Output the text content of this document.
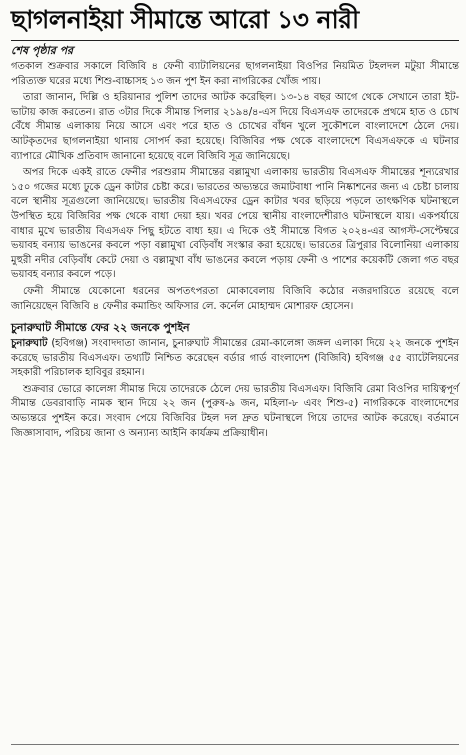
ছাগলনাইয়া সীমান্তে আরো ১৩ নারী
শেষ পৃষ্ঠার পর

গতকাল শুক্রবার সকালে বিজিবি ৪ ফেনী ব্যাটালিয়নের ছাগলনাইয়া বিওপির নিয়মিত টহলদল মটুয়া সীমান্তে পরিত্যক্ত ঘরের মধ্যে শিশু-বাচ্চাসহ ১৩ জন পুশ ইন করা নাগরিকের খোঁজ পায়।

তারা জানান, দিল্লি ও হরিয়ানার পুলিশ তাদের আটক করেছিল। ১৩-১৪ বছর আগে থেকে সেখানে তারা ইট-ভাটায় কাজ করতেন। রাত ৩টার দিকে সীমান্ত পিলার ২১৯৪/৪-এস দিয়ে বিএসএফ তাদেরকে প্রথমে হাত ও চোখ বেঁধে সীমান্ত এলাকায় নিয়ে আসে এবং পরে হাত ও চোখের বাঁধন খুলে সুকৌশলে বাংলাদেশে ঠেলে দেয়। আটকৃতদের ছাগলনাইয়া থানায় সোপর্দ করা হয়েছে। বিজিবির পক্ষ থেকে বাংলাদেশে বিএসএফকে এ ঘটনার ব্যাপারে মৌখিক প্রতিবাদ জানানো হয়েছে বলে বিজিবি সূত্র জানিয়েছে।

অপর দিকে একই রাতে ফেনীর পরশুরাম সীমান্তের বল্লামুখা এলাকায় ভারতীয় বিএসএফ সীমান্তের শূন্যরেখার ১৫০ গজের মধ্যে ঢুকে ড্রেন কাটার চেষ্টা করে। ভারতের অভ্যন্তরে জমাটবাধা পানি নিষ্কাশনের জন্য এ চেষ্টা চালায় বলে স্থানীয় সূত্রগুলো জানিয়েছে। ভারতীয় বিএসএফের ড্রেন কাটার খবর ছড়িয়ে পড়লে তাৎক্ষণিক ঘটনাস্থলে উপস্থিত হয়ে বিজিবির পক্ষ থেকে বাধা দেয়া হয়। খবর পেয়ে স্থানীয় বাংলাদেশীরাও ঘটনাস্থলে যায়। একপর্যায়ে বাধার মুখে ভারতীয় বিএসএফ পিছু হটতে বাধ্য হয়। এ দিকে ওই সীমান্তে বিগত ২০২৪-এর আগস্ট-সেপ্টেম্বরে ভয়াবহ বন্যায় ভাঙনের কবলে পড়া বল্লামুখা বেড়িবাঁধ সংস্কার করা হয়েছে। ভারতের ত্রিপুরার বিলোনিয়া এলাকায় মুহুরী নদীর বেড়িবাঁধ কেটে দেয়া ও বল্লামুখা বাঁধ ভাঙনের কবলে পড়ায় ফেনী ও পাশের কয়েকটি জেলা গত বছর ভয়াবহ বন্যার কবলে পড়ে।

ফেনী সীমান্তে যেকোনো ধরনের অপতৎপরতা মোকাবেলায় বিজিবি কঠোর নজরদারিতে রয়েছে বলে জানিয়েছেন বিজিবি ৪ ফেনীর কমান্ডিং অফিসার লে. কর্নেল মোহাম্মদ মোশারফ হোসেন।

চুনারুঘাট সীমান্তে ফের ২২ জনকে পুশইন

চুনারুঘাট (হবিগঞ্জ) সংবাদদাতা জানান, চুনারুঘাট সীমান্তের রেমা-কালেঙ্গা জঙ্গল এলাকা দিয়ে ২২ জনকে পুশইন করেছে ভারতীয় বিএসএফ। তথ্যটি নিশ্চিত করেছেন বর্ডার গার্ড বাংলাদেশ (বিজিবি) হবিগঞ্জ ৫৫ ব্যাটেলিয়নের সহকারী পরিচালক হাবিবুর রহমান।

শুক্রবার ভোরে কালেঙ্গা সীমান্ত দিয়ে তাদেরকে ঠেলে দেয় ভারতীয় বিএসএফ। বিজিবি রেমা বিওপির দায়িত্বপূর্ণ সীমান্ত ডেবরাবাড়ি নামক স্থান দিয়ে ২২ জন (পুরুষ-৯ জন, মহিলা-৮ এবং শিশু-৫) নাগরিককে বাংলাদেশের অভ্যন্তরে পুশইন করে। সংবাদ পেয়ে বিজিবির টহল দল দ্রুত ঘটনাস্থলে গিয়ে তাদের আটক করেছে। বর্তমানে জিজ্ঞাসাবাদ, পরিচয় জানা ও অন্যান্য আইনি কার্যক্রম প্রক্রিয়াধীন।
